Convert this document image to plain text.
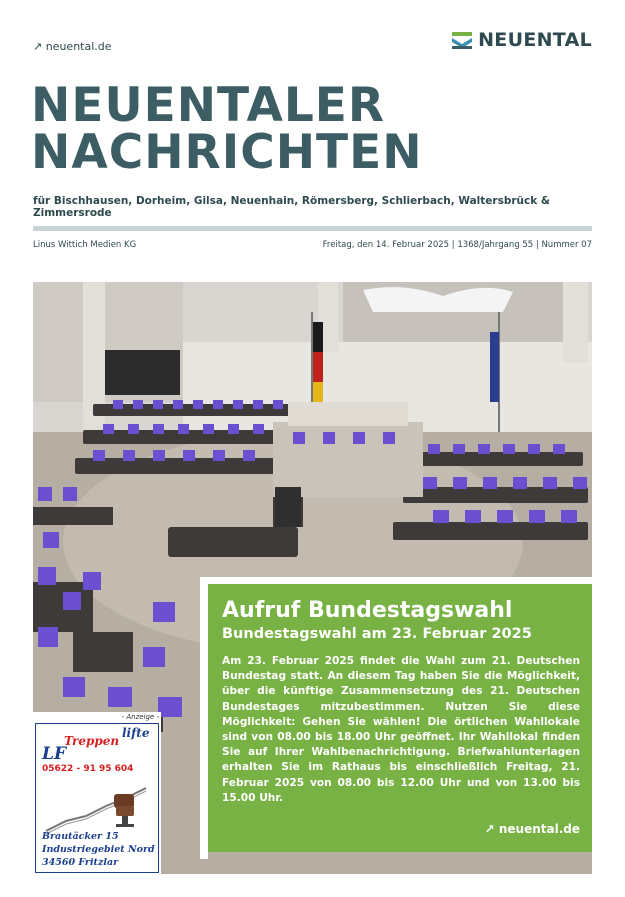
↗ neuental.de	NEUENTAL
NEUENTALER
NACHRICHTEN
für Bischhausen, Dorheim, Gilsa, Neuenhain, Römersberg, Schlierbach, Waltersbrück & Zimmersrode
Linus Wittich Medien KG	Freitag, den 14. Februar 2025 | 1368/Jahrgang 55 | Nummer 07
Aufruf Bundestagswahl
Bundestagswahl am 23. Februar 2025

Am 23. Februar 2025 findet die Wahl zum 21. Deutschen Bundestag statt. An diesem Tag haben Sie die Möglichkeit, über die künftige Zusammensetzung des 21. Deutschen Bundestages mitzubestimmen. Nutzen Sie diese Möglichkeit: Gehen Sie wählen! Die örtlichen Wahllokale sind von 08.00 bis 18.00 Uhr geöffnet. Ihr Wahllokal finden Sie auf Ihrer Wahlbenachrichtigung. Briefwahlunterlagen erhalten Sie im Rathaus bis einschließlich Freitag, 21. Februar 2025 von 08.00 bis 12.00 Uhr und von 13.00 bis 15.00 Uhr.

↗ neuental.de
- Anzeige -
lifte
Treppen
LF
05622 - 91 95 604
Brautäcker 15
Industriegebiet Nord
34560 Fritzlar
